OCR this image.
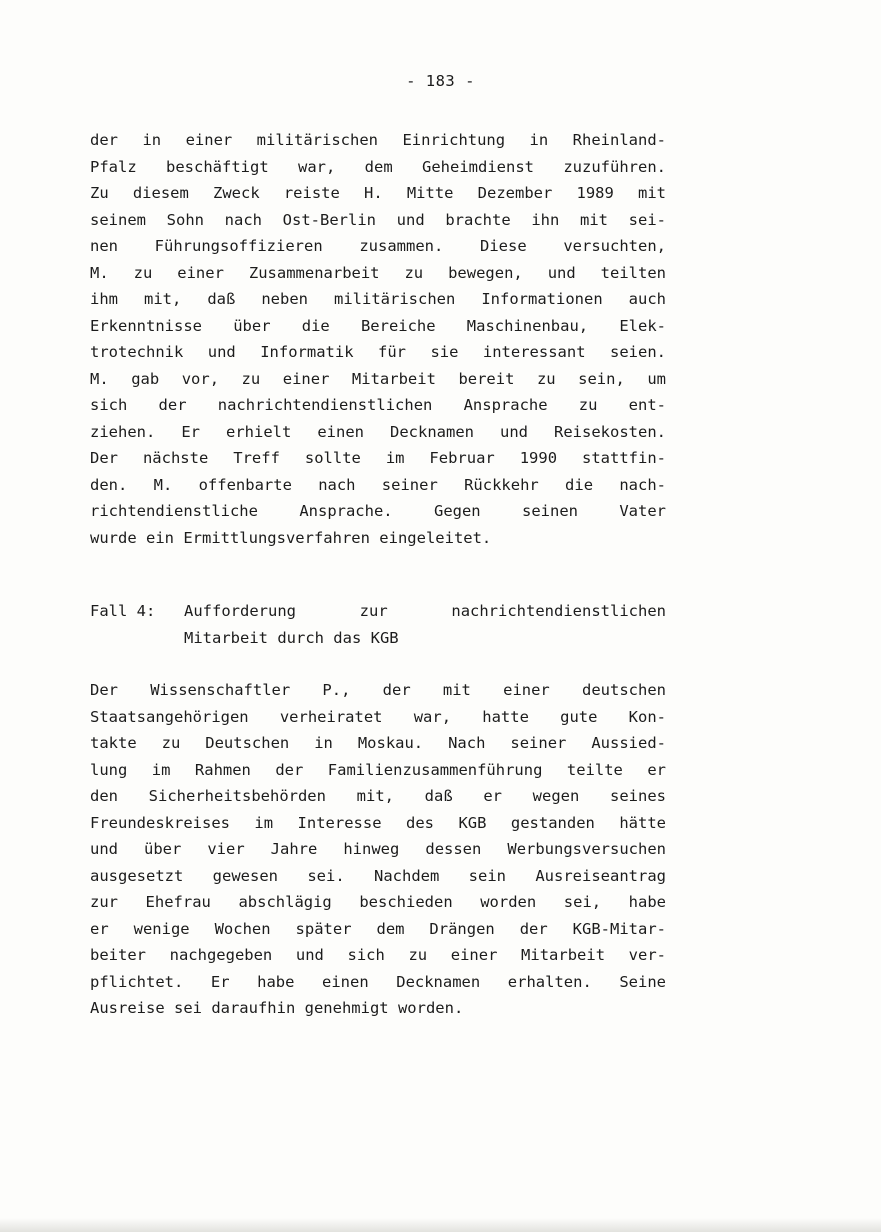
- 183 -
der in einer militärischen Einrichtung in Rheinland-
Pfalz beschäftigt war, dem Geheimdienst zuzuführen.
Zu diesem Zweck reiste H. Mitte Dezember 1989 mit
seinem Sohn nach Ost-Berlin und brachte ihn mit sei-
nen Führungsoffizieren zusammen. Diese versuchten,
M. zu einer Zusammenarbeit zu bewegen, und teilten
ihm mit, daß neben militärischen Informationen auch
Erkenntnisse über die Bereiche Maschinenbau, Elek-
trotechnik und Informatik für sie interessant seien.
M. gab vor, zu einer Mitarbeit bereit zu sein, um
sich der nachrichtendienstlichen Ansprache zu ent-
ziehen. Er erhielt einen Decknamen und Reisekosten.
Der nächste Treff sollte im Februar 1990 stattfin-
den. M. offenbarte nach seiner Rückkehr die nach-
richtendienstliche Ansprache. Gegen seinen Vater
wurde ein Ermittlungsverfahren eingeleitet.
Fall 4:	Aufforderung zur nachrichtendienstlichen
Mitarbeit durch das KGB
Der Wissenschaftler P., der mit einer deutschen
Staatsangehörigen verheiratet war, hatte gute Kon-
takte zu Deutschen in Moskau. Nach seiner Aussied-
lung im Rahmen der Familienzusammenführung teilte er
den Sicherheitsbehörden mit, daß er wegen seines
Freundeskreises im Interesse des KGB gestanden hätte
und über vier Jahre hinweg dessen Werbungsversuchen
ausgesetzt gewesen sei. Nachdem sein Ausreiseantrag
zur Ehefrau abschlägig beschieden worden sei, habe
er wenige Wochen später dem Drängen der KGB-Mitar-
beiter nachgegeben und sich zu einer Mitarbeit ver-
pflichtet. Er habe einen Decknamen erhalten. Seine
Ausreise sei daraufhin genehmigt worden.
